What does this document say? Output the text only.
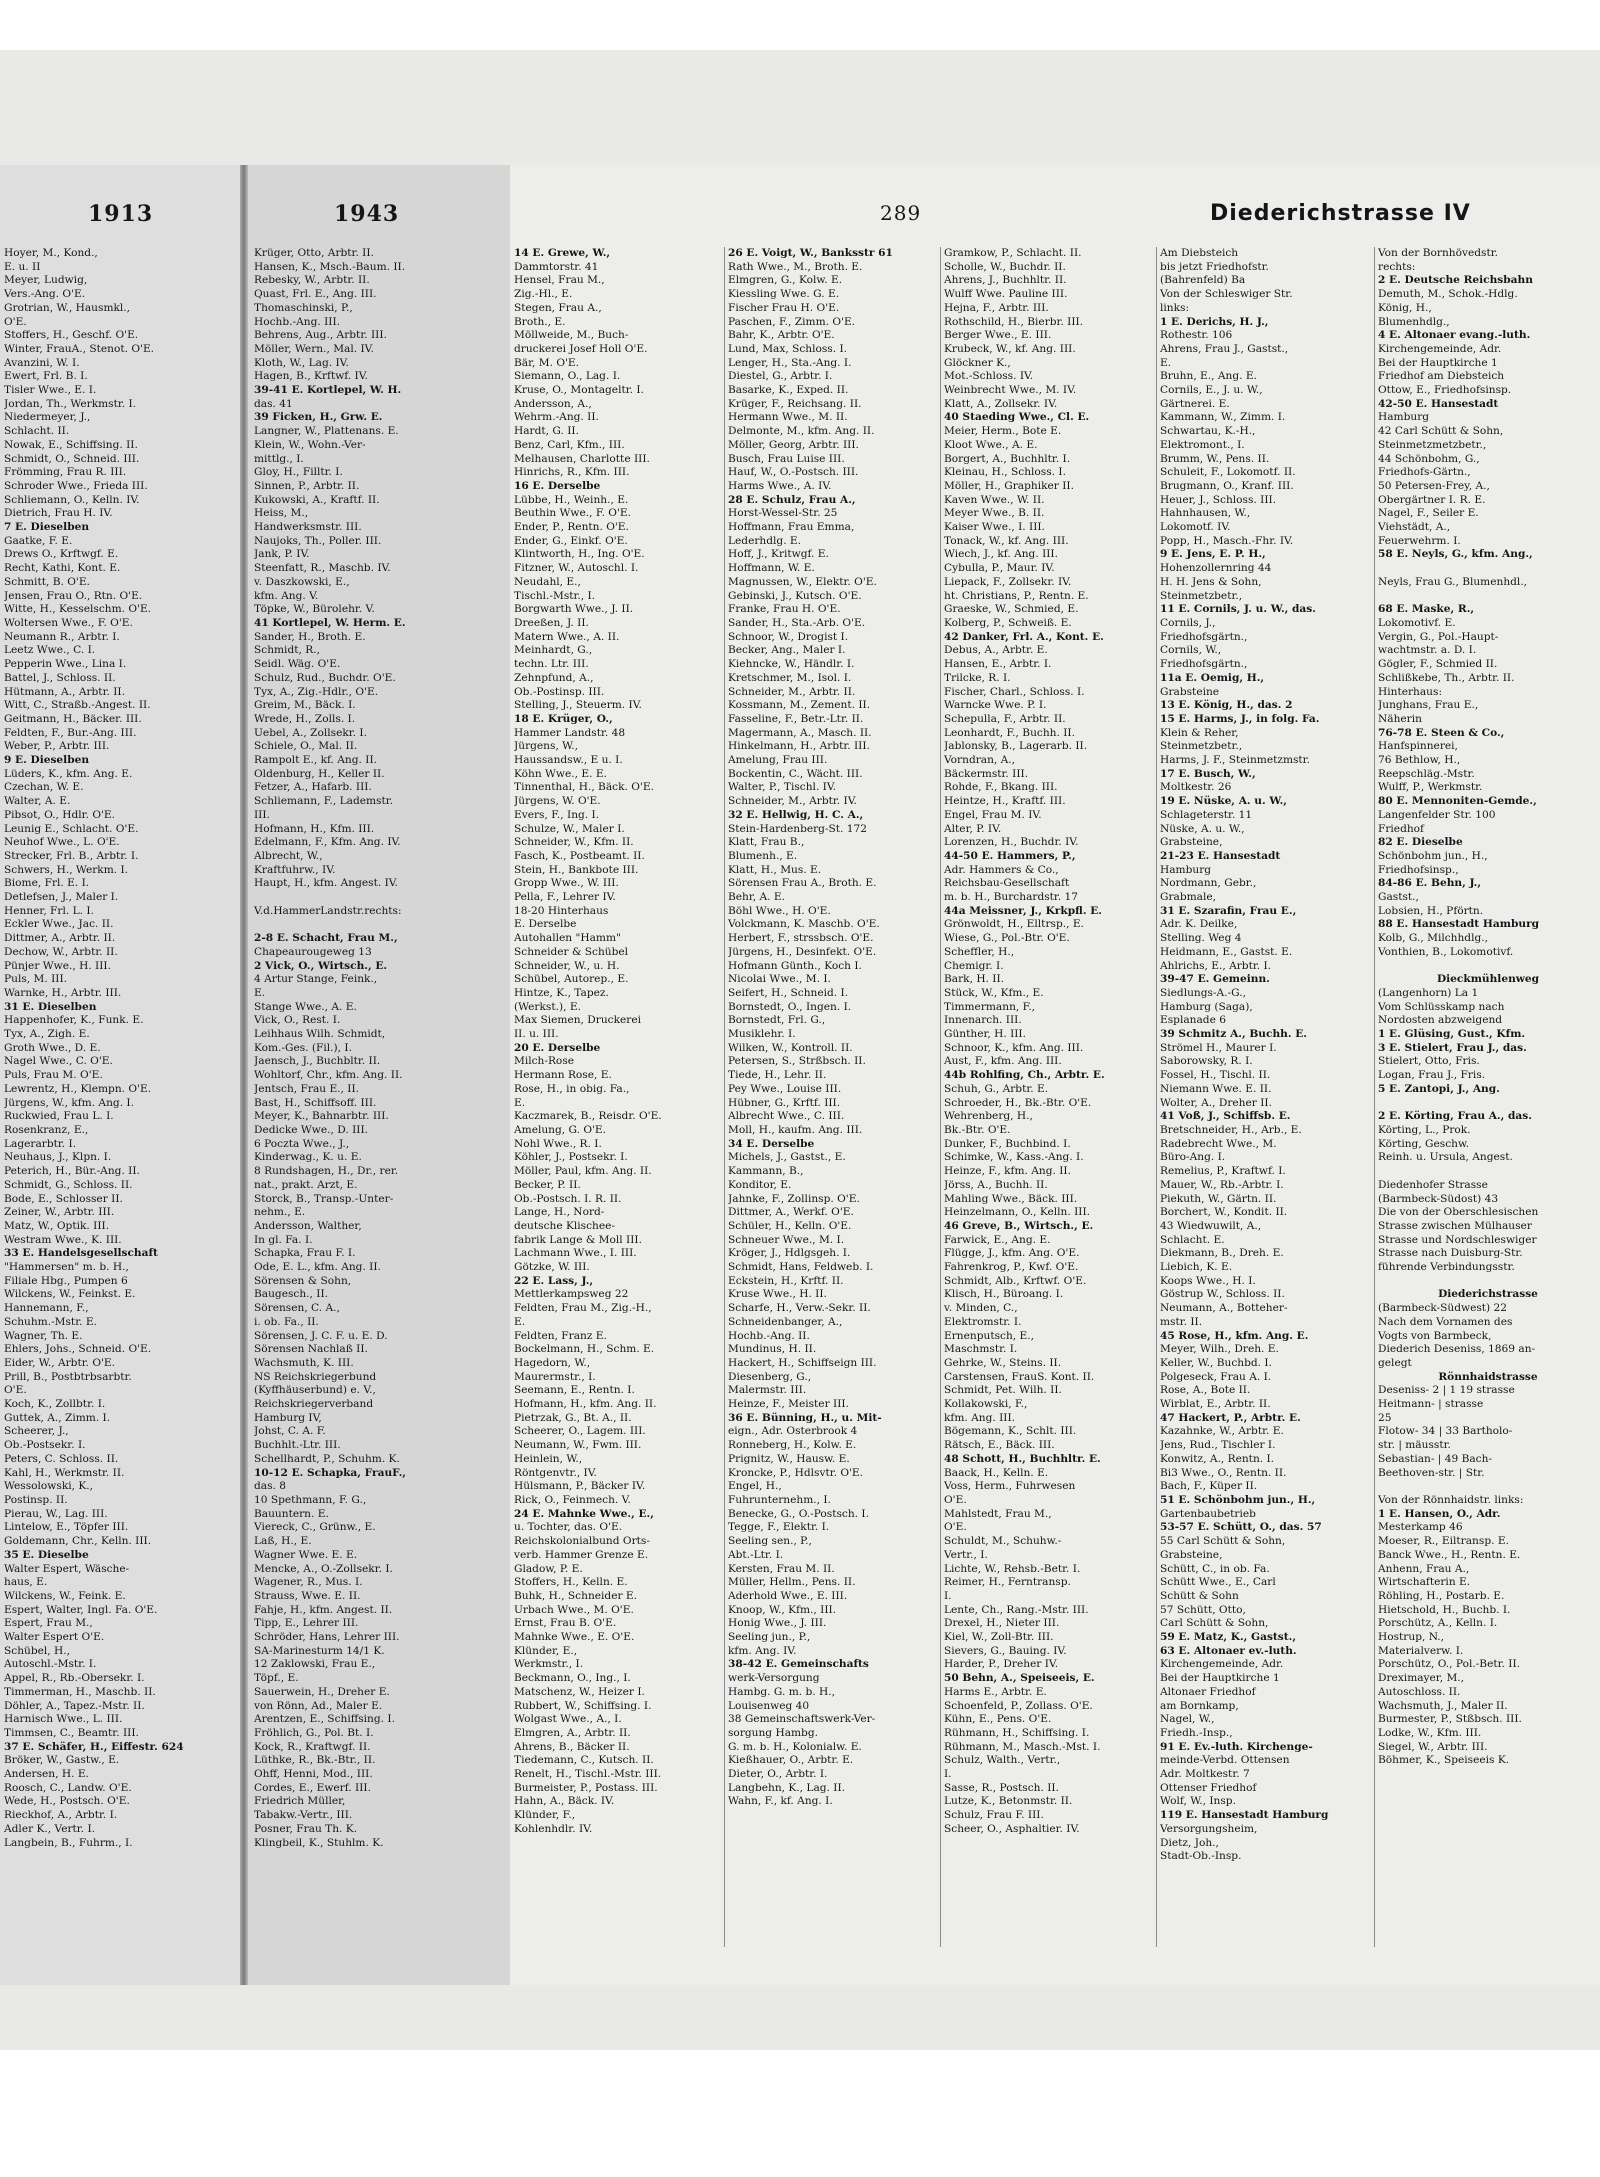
1913
Hoyer, M., Kond.,
E. u. II
Meyer, Ludwig,
Vers.-Ang. O'E.
Grotrian, W., Hausmkl.,
O'E.
Stoffers, H., Geschf. O'E.
Winter, FrauA., Stenot. O'E.
Avanzini, W. I.
Ewert, Frl. B. I.
Tisler Wwe., E. I.
Jordan, Th., Werkmstr. I.
Niedermeyer, J.,
Schlacht. II.
Nowak, E., Schiffsing. II.
Schmidt, O., Schneid. III.
Frömming, Frau R. III.
Schroder Wwe., Frieda III.
Schliemann, O., Kelln. IV.
Dietrich, Frau H. IV.
7 E. Dieselben
Gaatke, F. E.
Drews O., Krftwgf. E.
Recht, Kathi, Kont. E.
Schmitt, B. O'E.
Jensen, Frau O., Rtn. O'E.
Witte, H., Kesselschm. O'E.
Woltersen Wwe., F. O'E.
Neumann R., Arbtr. I.
Leetz Wwe., C. I.
Pepperin Wwe., Lina I.
Battel, J., Schloss. II.
Hütmann, A., Arbtr. II.
Witt, C., Straßb.-Angest. II.
Geitmann, H., Bäcker. III.
Feldten, F., Bur.-Ang. III.
Weber, P., Arbtr. III.
9 E. Dieselben
Lüders, K., kfm. Ang. E.
Czechan, W. E.
Walter, A. E.
Pibsot, O., Hdlr. O'E.
Leunig E., Schlacht. O'E.
Neuhof Wwe., L. O'E.
Strecker, Frl. B., Arbtr. I.
Schwers, H., Werkm. I.
Biome, Frl. E. I.
Detlefsen, J., Maler I.
Henner, Frl. L. I.
Eckler Wwe., Jac. II.
Dittmer, A., Arbtr. II.
Dechow, W., Arbtr. II.
Pünjer Wwe., H. III.
Puls, M. III.
Warnke, H., Arbtr. III.
31 E. Dieselben
Happenhofer, K., Funk. E.
Tyx, A., Zigh. E.
Groth Wwe., D. E.
Nagel Wwe., C. O'E.
Puls, Frau M. O'E.
Lewrentz, H., Klempn. O'E.
Jürgens, W., kfm. Ang. I.
Ruckwied, Frau L. I.
Rosenkranz, E.,
Lagerarbtr. I.
Neuhaus, J., Klpn. I.
Peterich, H., Bür.-Ang. II.
Schmidt, G., Schloss. II.
Bode, E., Schlosser II.
Zeiner, W., Arbtr. III.
Matz, W., Optik. III.
Westram Wwe., K. III.
33 E. Handelsgesellschaft
"Hammersen" m. b. H.,
Filiale Hbg., Pumpen 6
Wilckens, W., Feinkst. E.
Hannemann, F.,
Schuhm.-Mstr. E.
Wagner, Th. E.
Ehlers, Johs., Schneid. O'E.
Eider, W., Arbtr. O'E.
Prill, B., Postbtrbsarbtr.
O'E.
Koch, K., Zollbtr. I.
Guttek, A., Zimm. I.
Scheerer, J.,
Ob.-Postsekr. I.
Peters, C. Schloss. II.
Kahl, H., Werkmstr. II.
Wessolowski, K.,
Postinsp. II.
Pierau, W., Lag. III.
Lintelow, E., Töpfer III.
Goldemann, Chr., Kelln. III.
35 E. Dieselbe
Walter Espert, Wäsche-
haus, E.
Wilckens, W., Feink. E.
Espert, Walter, Ingl. Fa. O'E.
Espert, Frau M.,
Walter Espert O'E.
Schübel, H.,
Autoschl.-Mstr. I.
Appel, R., Rb.-Obersekr. I.
Timmerman, H., Maschb. II.
Döhler, A., Tapez.-Mstr. II.
Harnisch Wwe., L. III.
Timmsen, C., Beamtr. III.
37 E. Schäfer, H., Eiffestr. 624
Bröker, W., Gastw., E.
Andersen, H. E.
Roosch, C., Landw. O'E.
Wede, H., Postsch. O'E.
Rieckhof, A., Arbtr. I.
Adler K., Vertr. I.
Langbein, B., Fuhrm., I.
1943
Krüger, Otto, Arbtr. II.
Hansen, K., Msch.-Baum. II.
Rebesky, W., Arbtr. II.
Quast, Frl. E., Ang. III.
Thomaschinski, P.,
Hochb.-Ang. III.
Behrens, Aug., Arbtr. III.
Möller, Wern., Mal. IV.
Kloth, W., Lag. IV.
Hagen, B., Krftwf. IV.
39-41 E. Kortlepel, W. H.
das. 41
39 Ficken, H., Grw. E.
Langner, W., Plattenans. E.
Klein, W., Wohn.-Ver-
mittlg., I.
Gloy, H., Filltr. I.
Sinnen, P., Arbtr. II.
Kukowski, A., Kraftf. II.
Heiss, M.,
Handwerksmstr. III.
Naujoks, Th., Poller. III.
Jank, P. IV.
Steenfatt, R., Maschb. IV.
v. Daszkowski, E.,
kfm. Ang. V.
Töpke, W., Bürolehr. V.
41 Kortlepel, W. Herm. E.
Sander, H., Broth. E.
Schmidt, R.,
Seidl. Wäg. O'E.
Schulz, Rud., Buchdr. O'E.
Tyx, A., Zig.-Hdlr., O'E.
Greim, M., Bäck. I.
Wrede, H., Zolls. I.
Uebel, A., Zollsekr. I.
Schiele, O., Mal. II.
Rampolt E., kf. Ang. II.
Oldenburg, H., Keller II.
Fetzer, A., Hafarb. III.
Schliemann, F., Lademstr.
III.
Hofmann, H., Kfm. III.
Edelmann, F., Kfm. Ang. IV.
Albrecht, W.,
Kraftfuhrw., IV.
Haupt, H., kfm. Angest. IV.

V.d.HammerLandstr.rechts:

2-8 E. Schacht, Frau M.,
Chapeaurougeweg 13
2 Vick, O., Wirtsch., E.
4 Artur Stange, Feink.,
E.
Stange Wwe., A. E.
Vick, O., Rest. I.
Leihhaus Wilh. Schmidt,
Kom.-Ges. (Fil.), I.
Jaensch, J., Buchbltr. II.
Wohltorf, Chr., kfm. Ang. II.
Jentsch, Frau E., II.
Bast, H., Schiffsoff. III.
Meyer, K., Bahnarbtr. III.
Dedicke Wwe., D. III.
6 Poczta Wwe., J.,
Kinderwag., K. u. E.
8 Rundshagen, H., Dr., rer.
nat., prakt. Arzt, E.
Storck, B., Transp.-Unter-
nehm., E.
Andersson, Walther,
In gl. Fa. I.
Schapka, Frau F. I.
Ode, E. L., kfm. Ang. II.
Sörensen & Sohn,
Baugesch., II.
Sörensen, C. A.,
i. ob. Fa., II.
Sörensen, J. C. F. u. E. D.
Sörensen Nachlaß II.
Wachsmuth, K. III.
NS Reichskriegerbund
(Kyffhäuserbund) e. V.,
Reichskriegerverband
Hamburg IV,
Johst, C. A. F.
Buchhlt.-Ltr. III.
Schellhardt, P., Schuhm. K.
10-12 E. Schapka, FrauF.,
das. 8
10 Spethmann, F. G.,
Bauuntern. E.
Viereck, C., Grünw., E.
Laß, H., E.
Wagner Wwe. E. E.
Mencke, A., O.-Zollsekr. I.
Wagener, R., Mus. I.
Strauss, Wwe. E. II.
Fahje, H., kfm. Angest. II.
Tipp, E., Lehrer III.
Schröder, Hans, Lehrer III.
SA-Marinesturm 14/1 K.
12 Zaklowski, Frau E.,
Töpf., E.
Sauerwein, H., Dreher E.
von Rönn, Ad., Maler E.
Arentzen, E., Schiffsing. I.
Fröhlich, G., Pol. Bt. I.
Kock, R., Kraftwgf. II.
Lüthke, R., Bk.-Btr., II.
Ohff, Henni, Mod., III.
Cordes, E., Ewerf. III.
Friedrich Müller,
Tabakw.-Vertr., III.
Posner, Frau Th. K.
Klingbeil, K., Stuhlm. K.
289	Diederichstrasse IV
14 E. Grewe, W.,
Dammtorstr. 41
Hensel, Frau M.,
Zig.-Hl., E.
Stegen, Frau A.,
Broth., E.
Möllweide, M., Buch-
druckerei Josef Holl O'E.
Bär, M. O'E.
Siemann, O., Lag. I.
Kruse, O., Montageltr. I.
Andersson, A.,
Wehrm.-Ang. II.
Hardt, G. II.
Benz, Carl, Kfm., III.
Melhausen, Charlotte III.
Hinrichs, R., Kfm. III.
16 E. Derselbe
Lübbe, H., Weinh., E.
Beuthin Wwe., F. O'E.
Ender, P., Rentn. O'E.
Ender, G., Einkf. O'E.
Klintworth, H., Ing. O'E.
Fitzner, W., Autoschl. I.
Neudahl, E.,
Tischl.-Mstr., I.
Borgwarth Wwe., J. II.
Dreeßen, J. II.
Matern Wwe., A. II.
Meinhardt, G.,
techn. Ltr. III.
Zehnpfund, A.,
Ob.-Postinsp. III.
Stelling, J., Steuerm. IV.
18 E. Krüger, O.,
Hammer Landstr. 48
Jürgens, W.,
Haussandsw., E u. I.
Köhn Wwe., E. E.
Tinnenthal, H., Bäck. O'E.
Jürgens, W. O'E.
Evers, F., Ing. I.
Schulze, W., Maler I.
Schneider, W., Kfm. II.
Fasch, K., Postbeamt. II.
Stein, H., Bankbote III.
Gropp Wwe., W. III.
Pella, F., Lehrer IV.
18-20 Hinterhaus
E. Derselbe
Autohallen "Hamm"
Schneider & Schübel
Schneider, W., u. H.
Schübel, Autorep., E.
Hintze, K., Tapez.
(Werkst.), E.
Max Siemen, Druckerei
II. u. III.
20 E. Derselbe
Milch-Rose
Hermann Rose, E.
Rose, H., in obig. Fa.,
E.
Kaczmarek, B., Reisdr. O'E.
Amelung, G. O'E.
Nohl Wwe., R. I.
Köhler, J., Postsekr. I.
Möller, Paul, kfm. Ang. II.
Becker, P. II.
Ob.-Postsch. I. R. II.
Lange, H., Nord-
deutsche Klischee-
fabrik Lange & Moll III.
Lachmann Wwe., I. III.
Götzke, W. III.
22 E. Lass, J.,
Mettlerkampsweg 22
Feldten, Frau M., Zig.-H.,
E.
Feldten, Franz E.
Bockelmann, H., Schm. E.
Hagedorn, W.,
Maurermstr., I.
Seemann, E., Rentn. I.
Hofmann, H., kfm. Ang. II.
Pietrzak, G., Bt. A., II.
Scheerer, O., Lagem. III.
Neumann, W., Fwm. III.
Heinlein, W.,
Röntgenvtr., IV.
Hülsmann, P., Bäcker IV.
Rick, O., Feinmech. V.
24 E. Mahnke Wwe., E.,
u. Tochter, das. O'E.
Reichskolonialbund Orts-
verb. Hammer Grenze E.
Gladow, P. E.
Stoffers, H., Kelln. E.
Buhk, H., Schneider E.
Urbach Wwe., M. O'E.
Ernst, Frau B. O'E.
Mahnke Wwe., E. O'E.
Klünder, E.,
Werkmstr., I.
Beckmann, O., Ing., I.
Matschenz, W., Heizer I.
Rubbert, W., Schiffsing. I.
Wolgast Wwe., A., I.
Elmgren, A., Arbtr. II.
Ahrens, B., Bäcker II.
Tiedemann, C., Kutsch. II.
Renelt, H., Tischl.-Mstr. III.
Burmeister, P., Postass. III.
Hahn, A., Bäck. IV.
Klünder, F.,
Kohlenhdlr. IV.
26 E. Voigt, W., Banksstr 61
Rath Wwe., M., Broth. E.
Elmgren, G., Kolw. E.
Kiessling Wwe. G. E.
Fischer Frau H. O'E.
Paschen, F., Zimm. O'E.
Bahr, K., Arbtr. O'E.
Lund, Max, Schloss. I.
Lenger, H., Sta.-Ang. I.
Diestel, G., Arbtr. I.
Basarke, K., Exped. II.
Krüger, F., Reichsang. II.
Hermann Wwe., M. II.
Delmonte, M., kfm. Ang. II.
Möller, Georg, Arbtr. III.
Busch, Frau Luise III.
Hauf, W., O.-Postsch. III.
Harms Wwe., A. IV.
28 E. Schulz, Frau A.,
Horst-Wessel-Str. 25
Hoffmann, Frau Emma,
Lederhdlg. E.
Hoff, J., Kritwgf. E.
Hoffmann, W. E.
Magnussen, W., Elektr. O'E.
Gebinski, J., Kutsch. O'E.
Franke, Frau H. O'E.
Sander, H., Sta.-Arb. O'E.
Schnoor, W., Drogist I.
Becker, Ang., Maler I.
Kiehncke, W., Händlr. I.
Kretschmer, M., Isol. I.
Schneider, M., Arbtr. II.
Kossmann, M., Zement. II.
Fasseline, F., Betr.-Ltr. II.
Magermann, A., Masch. II.
Hinkelmann, H., Arbtr. III.
Amelung, Frau III.
Bockentin, C., Wächt. III.
Walter, P., Tischl. IV.
Schneider, M., Arbtr. IV.
32 E. Hellwig, H. C. A.,
Stein-Hardenberg-St. 172
Klatt, Frau B.,
Blumenh., E.
Klatt, H., Mus. E.
Sörensen Frau A., Broth. E.
Behr, A. E.
Böhl Wwe., H. O'E.
Volckmann, K. Maschb. O'E.
Herbert, F., strssbsch. O'E.
Jürgens, H., Desinfekt. O'E.
Hofmann Günth., Koch I.
Nicolai Wwe., M. I.
Seifert, H., Schneid. I.
Bornstedt, O., Ingen. I.
Bornstedt, Frl. G.,
Musiklehr. I.
Wilken, W., Kontroll. II.
Petersen, S., Strßbsch. II.
Tiede, H., Lehr. II.
Pey Wwe., Louise III.
Hübner, G., Krftf. III.
Albrecht Wwe., C. III.
Moll, H., kaufm. Ang. III.
34 E. Derselbe
Michels, J., Gastst., E.
Kammann, B.,
Konditor, E.
Jahnke, F., Zollinsp. O'E.
Dittmer, A., Werkf. O'E.
Schüler, H., Kelln. O'E.
Schneuer Wwe., M. I.
Kröger, J., Hdlgsgeh. I.
Schmidt, Hans, Feldweb. I.
Eckstein, H., Krftf. II.
Kruse Wwe., H. II.
Scharfe, H., Verw.-Sekr. II.
Schneidenbanger, A.,
Hochb.-Ang. II.
Mundinus, H. II.
Hackert, H., Schiffseign III.
Diesenberg, G.,
Malermstr. III.
Heinze, F., Meister III.
36 E. Bünning, H., u. Mit-
eign., Adr. Osterbrook 4
Ronneberg, H., Kolw. E.
Prignitz, W., Hausw. E.
Kroncke, P., Hdlsvtr. O'E.
Engel, H.,
Fuhrunternehm., I.
Benecke, G., O.-Postsch. I.
Tegge, F., Elektr. I.
Seeling sen., P.,
Abt.-Ltr. I.
Kersten, Frau M. II.
Müller, Hellm., Pens. II.
Aderhold Wwe., E. III.
Knoop, W., Kfm., III.
Honig Wwe., J. III.
Seeling jun., P.,
kfm. Ang. IV.
38-42 E. Gemeinschafts
werk-Versorgung
Hambg. G. m. b. H.,
Louisenweg 40
38 Gemeinschaftswerk-Ver-
sorgung Hambg.
G. m. b. H., Kolonialw. E.
Kießhauer, O., Arbtr. E.
Dieter, O., Arbtr. I.
Langbehn, K., Lag. II.
Wahn, F., kf. Ang. I.
Gramkow, P., Schlacht. II.
Scholle, W., Buchdr. II.
Ahrens, J., Buchhltr. II.
Wulff Wwe. Pauline III.
Hejna, F., Arbtr. III.
Rothschild, H., Bierbr. III.
Berger Wwe., E. III.
Krubeck, W., kf. Ang. III.
Glöckner K.,
Mot.-Schloss. IV.
Weinbrecht Wwe., M. IV.
Klatt, A., Zollsekr. IV.
40 Staeding Wwe., Cl. E.
Meier, Herm., Bote E.
Kloot Wwe., A. E.
Borgert, A., Buchhltr. I.
Kleinau, H., Schloss. I.
Möller, H., Graphiker II.
Kaven Wwe., W. II.
Meyer Wwe., B. II.
Kaiser Wwe., I. III.
Tonack, W., kf. Ang. III.
Wiech, J., kf. Ang. III.
Cybulla, P., Maur. IV.
Liepack, F., Zollsekr. IV.
ht. Christians, P., Rentn. E.
Graeske, W., Schmied, E.
Kolberg, P., Schweiß. E.
42 Danker, Frl. A., Kont. E.
Debus, A., Arbtr. E.
Hansen, E., Arbtr. I.
Trilcke, R. I.
Fischer, Charl., Schloss. I.
Warncke Wwe. P. I.
Schepulla, F., Arbtr. II.
Leonhardt, F., Buchh. II.
Jablonsky, B., Lagerarb. II.
Vorndran, A.,
Bäckermstr. III.
Rohde, F., Bkang. III.
Heintze, H., Kraftf. III.
Engel, Frau M. IV.
Alter, P. IV.
Lorenzen, H., Buchdr. IV.
44-50 E. Hammers, P.,
Adr. Hammers & Co.,
Reichsbau-Gesellschaft
m. b. H., Burchardstr. 17
44a Meissner, J., Krkpfl. E.
Grönwoldt, H., Elltrsp., E.
Wiese, G., Pol.-Btr. O'E.
Scheffler, H.,
Chemigr. I.
Bark, H. II.
Stück, W., Kfm., E.
Timmermann, F.,
Innenarch. III.
Günther, H. III.
Schnoor, K., kfm. Ang. III.
Aust, F., kfm. Ang. III.
44b Rohlfing, Ch., Arbtr. E.
Schuh, G., Arbtr. E.
Schroeder, H., Bk.-Btr. O'E.
Wehrenberg, H.,
Bk.-Btr. O'E.
Dunker, F., Buchbind. I.
Schimke, W., Kass.-Ang. I.
Heinze, F., kfm. Ang. II.
Jörss, A., Buchh. II.
Mahling Wwe., Bäck. III.
Heinzelmann, O., Kelln. III.
46 Greve, B., Wirtsch., E.
Farwick, E., Ang. E.
Flügge, J., kfm. Ang. O'E.
Fahrenkrog, P., Kwf. O'E.
Schmidt, Alb., Krftwf. O'E.
Klisch, H., Büroang. I.
v. Minden, C.,
Elektromstr. I.
Ernenputsch, E.,
Maschmstr. I.
Gehrke, W., Steins. II.
Carstensen, FrauS. Kont. II.
Schmidt, Pet. Wilh. II.
Kollakowski, F.,
kfm. Ang. III.
Bögemann, K., Schlt. III.
Rätsch, E., Bäck. III.
48 Schott, H., Buchhltr. E.
Baack, H., Kelln. E.
Voss, Herm., Fuhrwesen
O'E.
Mahlstedt, Frau M.,
O'E.
Schuldt, M., Schuhw.-
Vertr., I.
Lichte, W., Rehsb.-Betr. I.
Reimer, H., Ferntransp.
I.
Lente, Ch., Rang.-Mstr. III.
Drexel, H., Nieter III.
Kiel, W., Zoll-Btr. III.
Sievers, G., Bauing. IV.
Harder, P., Dreher IV.
50 Behn, A., Speiseeis, E.
Harms E., Arbtr. E.
Schoenfeld, P., Zollass. O'E.
Kühn, E., Pens. O'E.
Rühmann, H., Schiffsing. I.
Rühmann, M., Masch.-Mst. I.
Schulz, Walth., Vertr.,
I.
Sasse, R., Postsch. II.
Lutze, K., Betonmstr. II.
Schulz, Frau F. III.
Scheer, O., Asphaltier. IV.
Am Diebsteich
bis jetzt Friedhofstr.
(Bahrenfeld) Ba
Von der Schleswiger Str.
links:
1 E. Derichs, H. J.,
Rothestr. 106
Ahrens, Frau J., Gastst.,
E.
Bruhn, E., Ang. E.
Cornils, E., J. u. W.,
Gärtnerei. E.
Kammann, W., Zimm. I.
Schwartau, K.-H.,
Elektromont., I.
Brumm, W., Pens. II.
Schuleit, F., Lokomotf. II.
Brugmann, O., Kranf. III.
Heuer, J., Schloss. III.
Hahnhausen, W.,
Lokomotf. IV.
Popp, H., Masch.-Fhr. IV.
9 E. Jens, E. P. H.,
Hohenzollernring 44
H. H. Jens & Sohn,
Steinmetzbetr.,
11 E. Cornils, J. u. W., das.
Cornils, J.,
Friedhofsgärtn.,
Cornils, W.,
Friedhofsgärtn.,
11a E. Oemig, H.,
Grabsteine
13 E. König, H., das. 2
15 E. Harms, J., in folg. Fa.
Klein & Reher,
Steinmetzbetr.,
Harms, J. F., Steinmetzmstr.
17 E. Busch, W.,
Moltkestr. 26
19 E. Nüske, A. u. W.,
Schlageterstr. 11
Nüske, A. u. W.,
Grabsteine,
21-23 E. Hansestadt
Hamburg
Nordmann, Gebr.,
Grabmale,
31 E. Szarafin, Frau E.,
Adr. K. Deilke,
Stelling. Weg 4
Heidmann, E., Gastst. E.
Ahlrichs, E., Arbtr. I.
39-47 E. Gemeinn.
Siedlungs-A.-G.,
Hamburg (Saga),
Esplanade 6
39 Schmitz A., Buchh. E.
Strömel H., Maurer I.
Saborowsky, R. I.
Fossel, H., Tischl. II.
Niemann Wwe. E. II.
Wolter, A., Dreher II.
41 Voß, J., Schiffsb. E.
Bretschneider, H., Arb., E.
Radebrecht Wwe., M.
Büro-Ang. I.
Remelius, P., Kraftwf. I.
Mauer, W., Rb.-Arbtr. I.
Piekuth, W., Gärtn. II.
Borchert, W., Kondit. II.
43 Wiedwuwilt, A.,
Schlacht. E.
Diekmann, B., Dreh. E.
Liebich, K. E.
Koops Wwe., H. I.
Göstrup W., Schloss. II.
Neumann, A., Botteher-
mstr. II.
45 Rose, H., kfm. Ang. E.
Meyer, Wilh., Dreh. E.
Keller, W., Buchbd. I.
Polgeseck, Frau A. I.
Rose, A., Bote II.
Wirblat, E., Arbtr. II.
47 Hackert, P., Arbtr. E.
Kazahnke, W., Arbtr. E.
Jens, Rud., Tischler I.
Konwitz, A., Rentn. I.
Bi3 Wwe., O., Rentn. II.
Bach, F., Küper II.
51 E. Schönbohm jun., H.,
Gartenbaubetrieb
53-57 E. Schütt, O., das. 57
55 Carl Schütt & Sohn,
Grabsteine,
Schütt, C., in ob. Fa.
Schütt Wwe., E., Carl
Schütt & Sohn
57 Schütt, Otto,
Carl Schütt & Sohn,
59 E. Matz, K., Gastst.,
63 E. Altonaer ev.-luth.
Kirchengemeinde, Adr.
Bei der Hauptkirche 1
Altonaer Friedhof
am Bornkamp,
Nagel, W.,
Friedh.-Insp.,
91 E. Ev.-luth. Kirchenge-
meinde-Verbd. Ottensen
Adr. Moltkestr. 7
Ottenser Friedhof
Wolf, W., Insp.
119 E. Hansestadt Hamburg
Versorgungsheim,
Dietz, Joh.,
Stadt-Ob.-Insp.
Von der Bornhövedstr.
rechts:
2 E. Deutsche Reichsbahn
Demuth, M., Schok.-Hdlg.
König, H.,
Blumenhdlg.,
4 E. Altonaer evang.-luth.
Kirchengemeinde, Adr.
Bei der Hauptkirche 1
Friedhof am Diebsteich
Ottow, E., Friedhofsinsp.
42-50 E. Hansestadt
Hamburg
42 Carl Schütt & Sohn,
Steinmetzmetzbetr.,
44 Schönbohm, G.,
Friedhofs-Gärtn.,
50 Petersen-Frey, A.,
Obergärtner I. R. E.
Nagel, F., Seiler E.
Viehstädt, A.,
Feuerwehrm. I.
58 E. Neyls, G., kfm. Ang.,

Neyls, Frau G., Blumenhdl.,

68 E. Maske, R.,
Lokomotivf. E.
Vergin, G., Pol.-Haupt-
wachtmstr. a. D. I.
Gögler, F., Schmied II.
Schlißkebe, Th., Arbtr. II.
Hinterhaus:
Junghans, Frau E.,
Näherin
76-78 E. Steen & Co.,
Hanfspinnerei,
76 Bethlow, H.,
Reepschläg.-Mstr.
Wulff, P., Werkmstr.
80 E. Mennoniten-Gemde.,
Langenfelder Str. 100
Friedhof
82 E. Dieselbe
Schönbohm jun., H.,
Friedhofsinsp.,
84-86 E. Behn, J.,
Gastst.,
Lobsien, H., Pförtn.
88 E. Hansestadt Hamburg
Kolb, G., Milchhdlg.,
Vonthien, B., Lokomotivf.

Dieckmühlenweg
(Langenhorn) La 1
Vom Schlüsskamp nach
Nordosten abzweigend
1 E. Glüsing, Gust., Kfm.
3 E. Stielert, Frau J., das.
Stielert, Otto, Fris.
Logan, Frau J., Fris.
5 E. Zantopi, J., Ang.

2 E. Körting, Frau A., das.
Körting, L., Prok.
Körting, Geschw.
Reinh. u. Ursula, Angest.

Diedenhofer Strasse
(Barmbeck-Südost) 43
Die von der Oberschlesischen
Strasse zwischen Mülhauser
Strasse und Nordschleswiger
Strasse nach Duisburg-Str.
führende Verbindungsstr.

Diederichstrasse
(Barmbeck-Südwest) 22
Nach dem Vornamen des
Vogts von Barmbeck,
Diederich Deseniss, 1869 an-
gelegt
Rönnhaidstrasse
Deseniss- 2 | 1 19 strasse
Heitmann- | strasse
25
Flotow- 34 | 33 Bartholo-
str. | mäusstr.
Sebastian- | 49 Bach-
Beethoven-str. | Str.

Von der Rönnhaidstr. links:
1 E. Hansen, O., Adr.
Mesterkamp 46
Moeser, R., Eiltransp. E.
Banck Wwe., H., Rentn. E.
Anhenn, Frau A.,
Wirtschafterin E.
Röhling, H., Postarb. E.
Hietschold, H., Buchb. I.
Porschütz, A., Kelln. I.
Hostrup, N.,
Materialverw. I.
Porschütz, O., Pol.-Betr. II.
Dreximayer, M.,
Autoschloss. II.
Wachsmuth, J., Maler II.
Burmester, P., Stßbsch. III.
Lodke, W., Kfm. III.
Siegel, W., Arbtr. III.
Böhmer, K., Speiseeis K.
